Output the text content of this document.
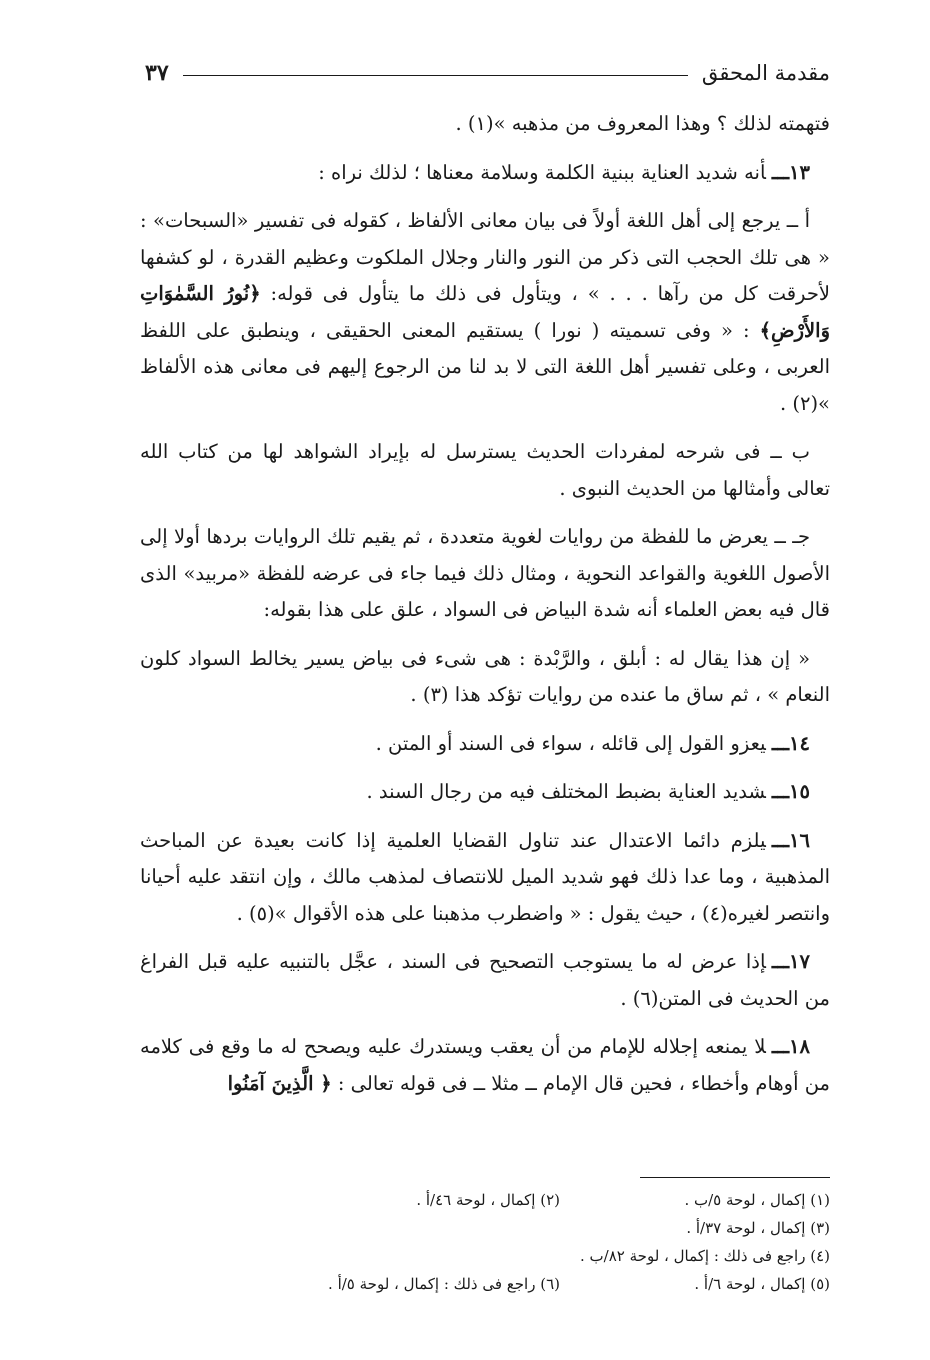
مقدمة المحقق
٣٧

فتهمته لذلك ؟ وهذا المعروف من مذهبه »(١) .

١٣ـــأنه شديد العناية ببنية الكلمة وسلامة معناها ؛ لذلك نراه :

أ ــ يرجع إلى أهل اللغة أولاً فى بيان معانى الألفاظ ، كقوله فى تفسير «السبحات» : « هى تلك الحجب التى ذكر من النور والنار وجلال الملكوت وعظيم القدرة ، لو كشفها لأحرقت كل من رآها . . . » ، ويتأول فى ذلك ما يتأول فى قوله: ﴿نُورُ السَّمٰوَاتِ وَالأَرْضِ﴾ : « وفى تسميته ( نورا ) يستقيم المعنى الحقيقى ، وينطبق على اللفظ العربى ، وعلى تفسير أهل اللغة التى لا بد لنا من الرجوع إليهم فى معانى هذه الألفاظ »(٢) .

ب ــ فى شرحه لمفردات الحديث يسترسل له بإيراد الشواهد لها من كتاب الله تعالى وأمثالها من الحديث النبوى .

جـ ــ يعرض ما للفظة من روايات لغوية متعددة ، ثم يقيم تلك الروايات بردها أولا إلى الأصول اللغوية والقواعد النحوية ، ومثال ذلك فيما جاء فى عرضه للفظة «مربيد» الذى قال فيه بعض العلماء أنه شدة البياض فى السواد ، علق على هذا بقوله:

« إن هذا يقال له : أبلق ، والرَّبْدة : هى شىء فى بياض يسير يخالط السواد كلون النعام » ، ثم ساق ما عنده من روايات تؤكد هذا (٣) .

١٤ـــيعزو القول إلى قائله ، سواء فى السند أو المتن .

١٥ـــشديد العناية بضبط المختلف فيه من رجال السند .

١٦ـــيلزم دائما الاعتدال عند تناول القضايا العلمية إذا كانت بعيدة عن المباحث المذهبية ، وما عدا ذلك فهو شديد الميل للانتصاف لمذهب مالك ، وإن انتقد عليه أحيانا وانتصر لغيره(٤) ، حيث يقول : « واضطرب مذهبنا على هذه الأقوال »(٥) .

١٧ـــإذا عرض له ما يستوجب التصحيح فى السند ، عجَّل بالتنبيه عليه قبل الفراغ من الحديث فى المتن(٦) .

١٨ـــلا يمنعه إجلاله للإمام من أن يعقب ويستدرك عليه ويصحح له ما وقع فى كلامه من أوهام وأخطاء ، فحين قال الإمام ــ مثلا ــ فى قوله تعالى : ﴿ الَّذِينَ آمَنُوا

(١) إكمال ، لوحة ٥/ب .
(٢) إكمال ، لوحة ٤٦/أ .
(٣) إكمال ، لوحة ٣٧/أ .
(٤) راجع فى ذلك : إكمال ، لوحة ٨٢/ب .
(٥) إكمال ، لوحة ٦/أ .
(٦) راجع فى ذلك : إكمال ، لوحة ٥/أ .
